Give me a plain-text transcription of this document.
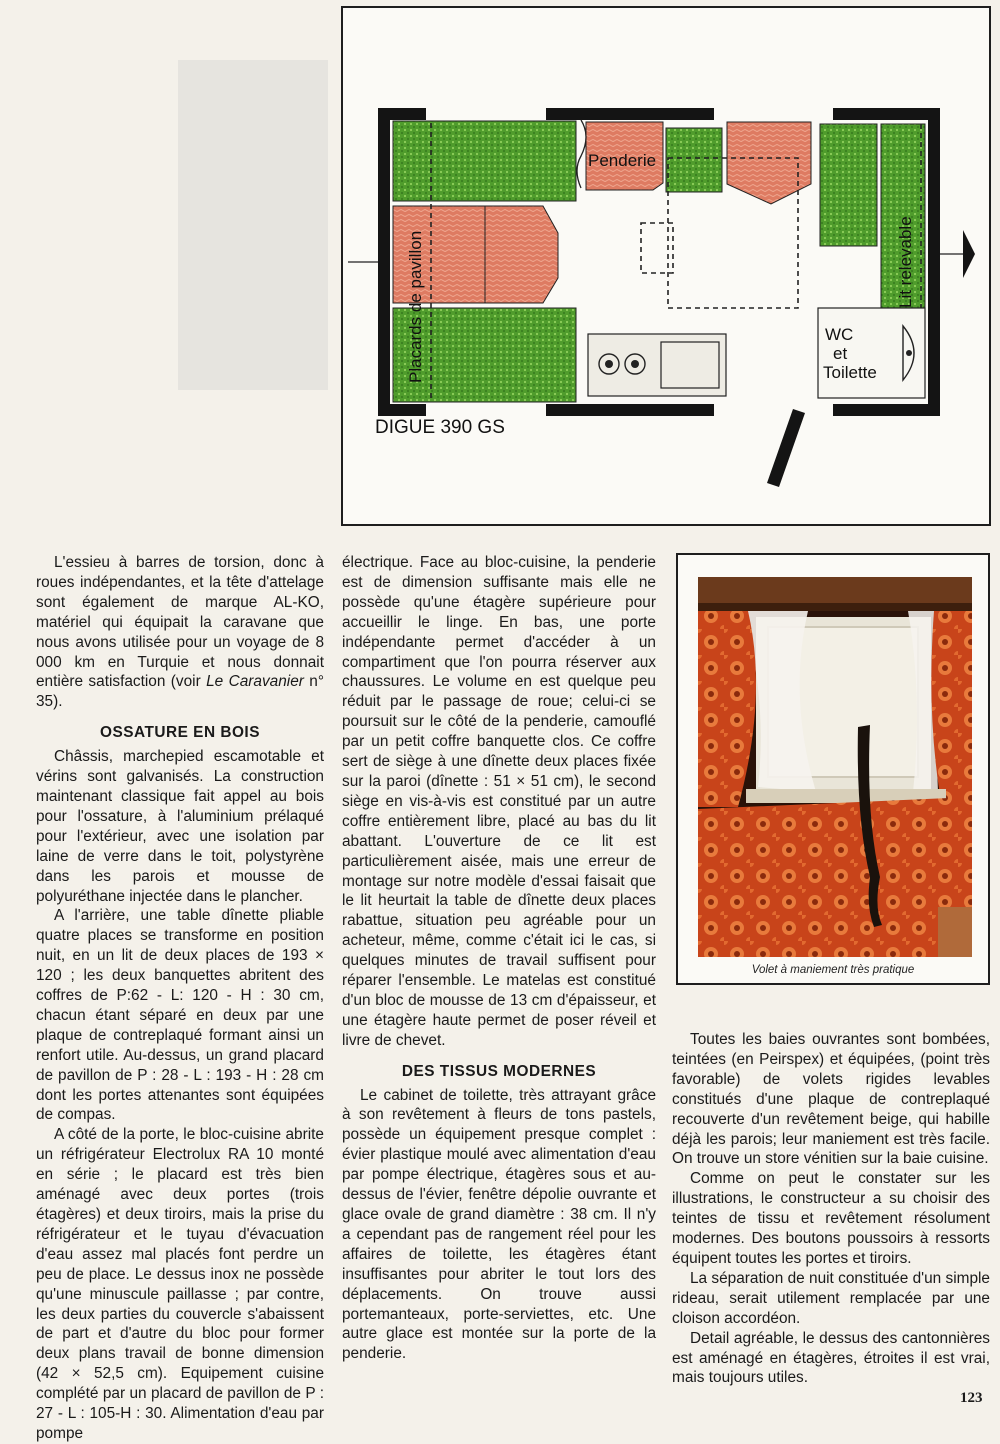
Penderie
Placards de pavillon	Lit relevable
WC
et
Toilette
DIGUE 390 GS
Volet à maniement très pratique

L'essieu à barres de torsion, donc à roues indépendantes, et la tête d'attelage sont également de marque AL-KO, matériel qui équipait la caravane que nous avons utilisée pour un voyage de 8 000 km en Turquie et nous donnait entière satisfaction (voir Le Caravanier n° 35).

OSSATURE EN BOIS

Châssis, marchepied escamotable et vérins sont galvanisés. La construction maintenant classique fait appel au bois pour l'ossature, à l'aluminium prélaqué pour l'extérieur, avec une isolation par laine de verre dans le toit, polystyrène dans les parois et mousse de polyuréthane injectée dans le plancher.

A l'arrière, une table dînette pliable quatre places se transforme en position nuit, en un lit de deux places de 193 × 120 ; les deux banquettes abritent des coffres de P:62 - L: 120 - H : 30 cm, chacun étant séparé en deux par une plaque de contreplaqué formant ainsi un renfort utile. Au-dessus, un grand placard de pavillon de P : 28 - L : 193 - H : 28 cm dont les portes attenantes sont équipées de compas.

A côté de la porte, le bloc-cuisine abrite un réfrigérateur Electrolux RA 10 monté en série ; le placard est très bien aménagé avec deux portes (trois étagères) et deux tiroirs, mais la prise du réfrigérateur et le tuyau d'évacuation d'eau assez mal placés font perdre un peu de place. Le dessus inox ne possède qu'une minuscule paillasse ; par contre, les deux parties du couvercle s'abaissent de part et d'autre du bloc pour former deux plans travail de bonne dimension (42 × 52,5 cm). Equipement cuisine complété par un placard de pavillon de P : 27 - L : 105-H : 30. Alimentation d'eau par pompe

électrique. Face au bloc-cuisine, la penderie est de dimension suffisante mais elle ne possède qu'une étagère supérieure pour accueillir le linge. En bas, une porte indépendante permet d'accéder à un compartiment que l'on pourra réserver aux chaussures. Le volume en est quelque peu réduit par le passage de roue; celui-ci se poursuit sur le côté de la penderie, camouflé par un petit coffre banquette clos. Ce coffre sert de siège à une dînette deux places fixée sur la paroi (dînette : 51 × 51 cm), le second siège en vis-à-vis est constitué par un autre coffre entièrement libre, placé au bas du lit abattant. L'ouverture de ce lit est particulièrement aisée, mais une erreur de montage sur notre modèle d'essai faisait que le lit heurtait la table de dînette deux places rabattue, situation peu agréable pour un acheteur, même, comme c'était ici le cas, si quelques minutes de travail suffisent pour réparer l'ensemble. Le matelas est constitué d'un bloc de mousse de 13 cm d'épaisseur, et une étagère haute permet de poser réveil et livre de chevet.

DES TISSUS MODERNES

Le cabinet de toilette, très attrayant grâce à son revêtement à fleurs de tons pastels, possède un équipement presque complet : évier plastique moulé avec alimentation d'eau par pompe électrique, étagères sous et au-dessus de l'évier, fenêtre dépolie ouvrante et glace ovale de grand diamètre : 38 cm. Il n'y a cependant pas de rangement réel pour les affaires de toilette, les étagères étant insuffisantes pour abriter le tout lors des déplacements. On trouve aussi portemanteaux, porte-serviettes, etc. Une autre glace est montée sur la porte de la penderie.

Toutes les baies ouvrantes sont bombées, teintées (en Peirspex) et équipées, (point très favorable) de volets rigides levables constitués d'une plaque de contreplaqué recouverte d'un revêtement beige, qui habille déjà les parois; leur maniement est très facile. On trouve un store vénitien sur la baie cuisine.

Comme on peut le constater sur les illustrations, le constructeur a su choisir des teintes de tissu et revêtement résolument modernes. Des boutons poussoirs à ressorts équipent toutes les portes et tiroirs.

La séparation de nuit constituée d'un simple rideau, serait utilement remplacée par une cloison accordéon.

Detail agréable, le dessus des cantonnières est aménagé en étagères, étroites il est vrai, mais toujours utiles.

123
